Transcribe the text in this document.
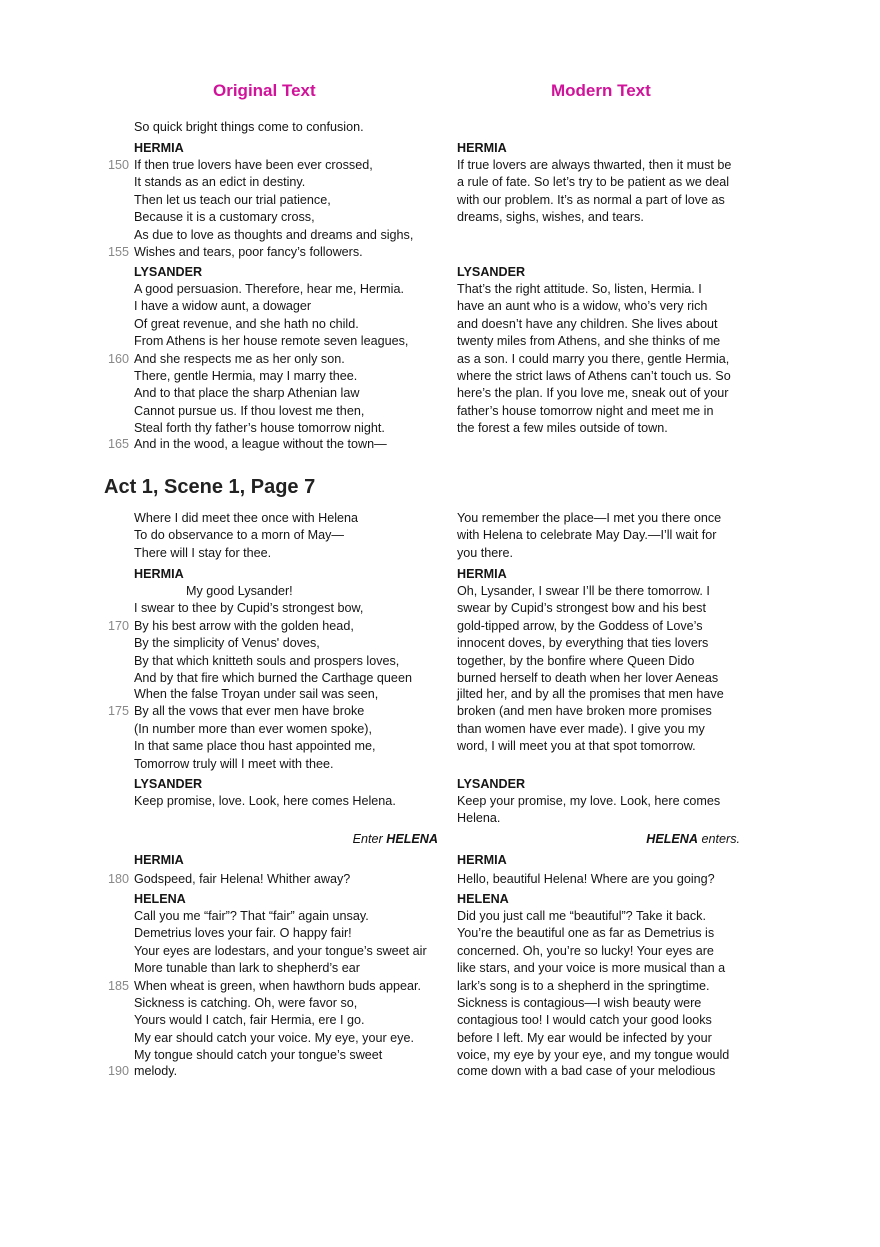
Original Text	Modern Text
So quick bright things come to confusion.
HERMIA
If then true lovers have been ever crossed,
It stands as an edict in destiny.
Then let us teach our trial patience,
Because it is a customary cross,
As due to love as thoughts and dreams and sighs,
Wishes and tears, poor fancy’s followers.
LYSANDER
A good persuasion. Therefore, hear me, Hermia.
I have a widow aunt, a dowager
Of great revenue, and she hath no child.
From Athens is her house remote seven leagues,
And she respects me as her only son.
There, gentle Hermia, may I marry thee.
And to that place the sharp Athenian law
Cannot pursue us. If thou lovest me then,
Steal forth thy father’s house tomorrow night.
And in the wood, a league without the town—
150
155
160
165
HERMIA
If true lovers are always thwarted, then it must be
a rule of fate. So let’s try to be patient as we deal
with our problem. It’s as normal a part of love as
dreams, sighs, wishes, and tears.
LYSANDER
That’s the right attitude. So, listen, Hermia. I
have an aunt who is a widow, who’s very rich
and doesn’t have any children. She lives about
twenty miles from Athens, and she thinks of me
as a son. I could marry you there, gentle Hermia,
where the strict laws of Athens can’t touch us. So
here’s the plan. If you love me, sneak out of your
father’s house tomorrow night and meet me in
the forest a few miles outside of town.
Act 1, Scene 1, Page 7
Where I did meet thee once with Helena
To do observance to a morn of May—
There will I stay for thee.
You remember the place—I met you there once
with Helena to celebrate May Day.—I’ll wait for
you there.
HERMIA
My good Lysander!
I swear to thee by Cupid’s strongest bow,
By his best arrow with the golden head,
By the simplicity of Venus' doves,
By that which knitteth souls and prospers loves,
And by that fire which burned the Carthage queen
When the false Troyan under sail was seen,
By all the vows that ever men have broke
(In number more than ever women spoke),
In that same place thou hast appointed me,
Tomorrow truly will I meet with thee.
170
175
HERMIA
Oh, Lysander, I swear I’ll be there tomorrow. I
swear by Cupid’s strongest bow and his best
gold-tipped arrow, by the Goddess of Love’s
innocent doves, by everything that ties lovers
together, by the bonfire where Queen Dido
burned herself to death when her lover Aeneas
jilted her, and by all the promises that men have
broken (and men have broken more promises
than women have ever made). I give you my
word, I will meet you at that spot tomorrow.
LYSANDER
Keep promise, love. Look, here comes Helena.
LYSANDER
Keep your promise, my love. Look, here comes
Helena.
Enter HELENA	HELENA enters.
HERMIA
Godspeed, fair Helena! Whither away?
180
HERMIA
Hello, beautiful Helena! Where are you going?
HELENA
Call you me “fair”? That “fair” again unsay.
Demetrius loves your fair. O happy fair!
Your eyes are lodestars, and your tongue’s sweet air
More tunable than lark to shepherd’s ear
When wheat is green, when hawthorn buds appear.
Sickness is catching. Oh, were favor so,
Yours would I catch, fair Hermia, ere I go.
My ear should catch your voice. My eye, your eye.
My tongue should catch your tongue’s sweet
melody.
185
190
HELENA
Did you just call me “beautiful”? Take it back.
You’re the beautiful one as far as Demetrius is
concerned. Oh, you’re so lucky! Your eyes are
like stars, and your voice is more musical than a
lark’s song is to a shepherd in the springtime.
Sickness is contagious—I wish beauty were
contagious too! I would catch your good looks
before I left. My ear would be infected by your
voice, my eye by your eye, and my tongue would
come down with a bad case of your melodious
